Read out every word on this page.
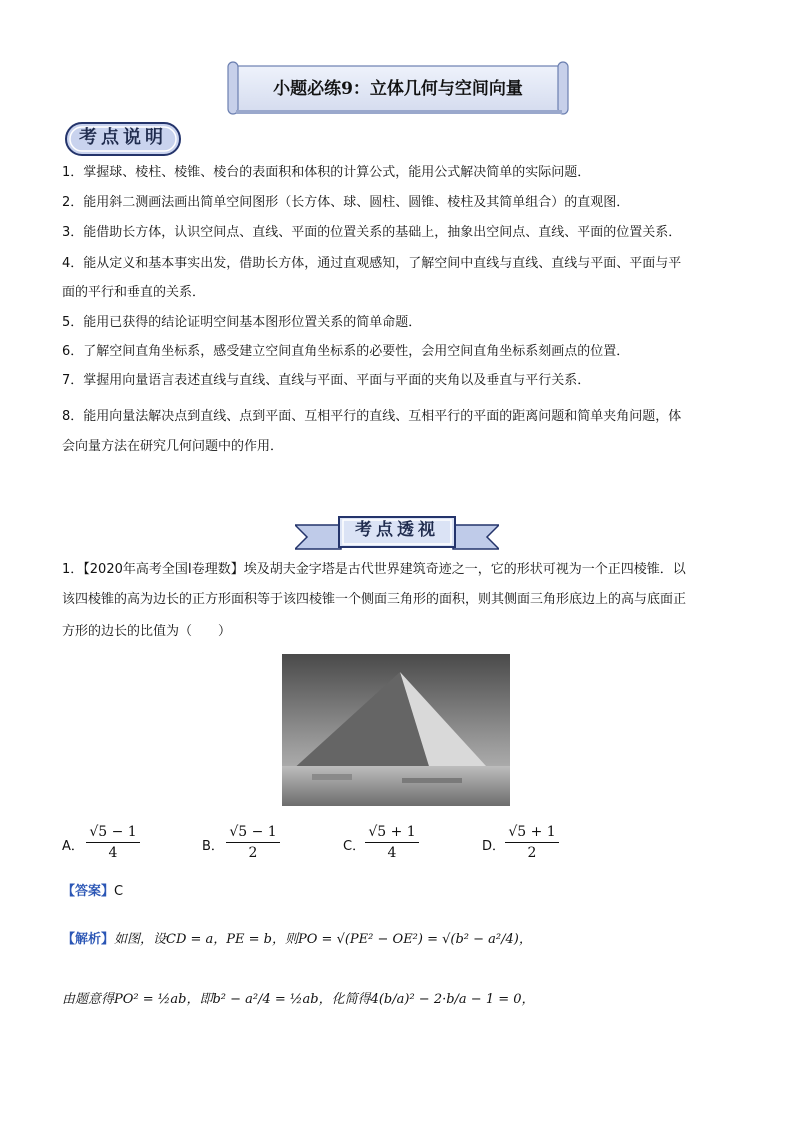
小题必练9：立体几何与空间向量
考点说明
1．掌握球、棱柱、棱锥、棱台的表面积和体积的计算公式，能用公式解决简单的实际问题．
2．能用斜二测画法画出简单空间图形（长方体、球、圆柱、圆锥、棱柱及其简单组合）的直观图．
3．能借助长方体，认识空间点、直线、平面的位置关系的基础上，抽象出空间点、直线、平面的位置关系．
4．能从定义和基本事实出发，借助长方体，通过直观感知，了解空间中直线与直线、直线与平面、平面与平
面的平行和垂直的关系．
5．能用已获得的结论证明空间基本图形位置关系的简单命题．
6．了解空间直角坐标系，感受建立空间直角坐标系的必要性，会用空间直角坐标系刻画点的位置．
7．掌握用向量语言表述直线与直线、直线与平面、平面与平面的夹角以及垂直与平行关系．
8．能用向量法解决点到直线、点到平面、互相平行的直线、互相平行的平面的距离问题和简单夹角问题，体
会向量方法在研究几何问题中的作用．
考点透视
1．【2020年高考全国Ⅰ卷理数】埃及胡夫金字塔是古代世界建筑奇迹之一，它的形状可视为一个正四棱锥．以
该四棱锥的高为边长的正方形面积等于该四棱锥一个侧面三角形的面积，则其侧面三角形底边上的高与底面正
方形的边长的比值为（　　）
A． $\frac{√5 - 1}{4}$	B． $\frac{√5 - 1}{2}$	C． $\frac{√5 + 1}{4}$	D． $\frac{√5 + 1}{2}$
【答案】C
【解析】如图，设CD = a，PE = b，则PO = √(PE² − OE²) = √(b² − a²/4)，
由题意得PO² = ½ab，即b² − a²/4 = ½ab，化简得4(b/a)² − 2·b/a − 1 = 0，
